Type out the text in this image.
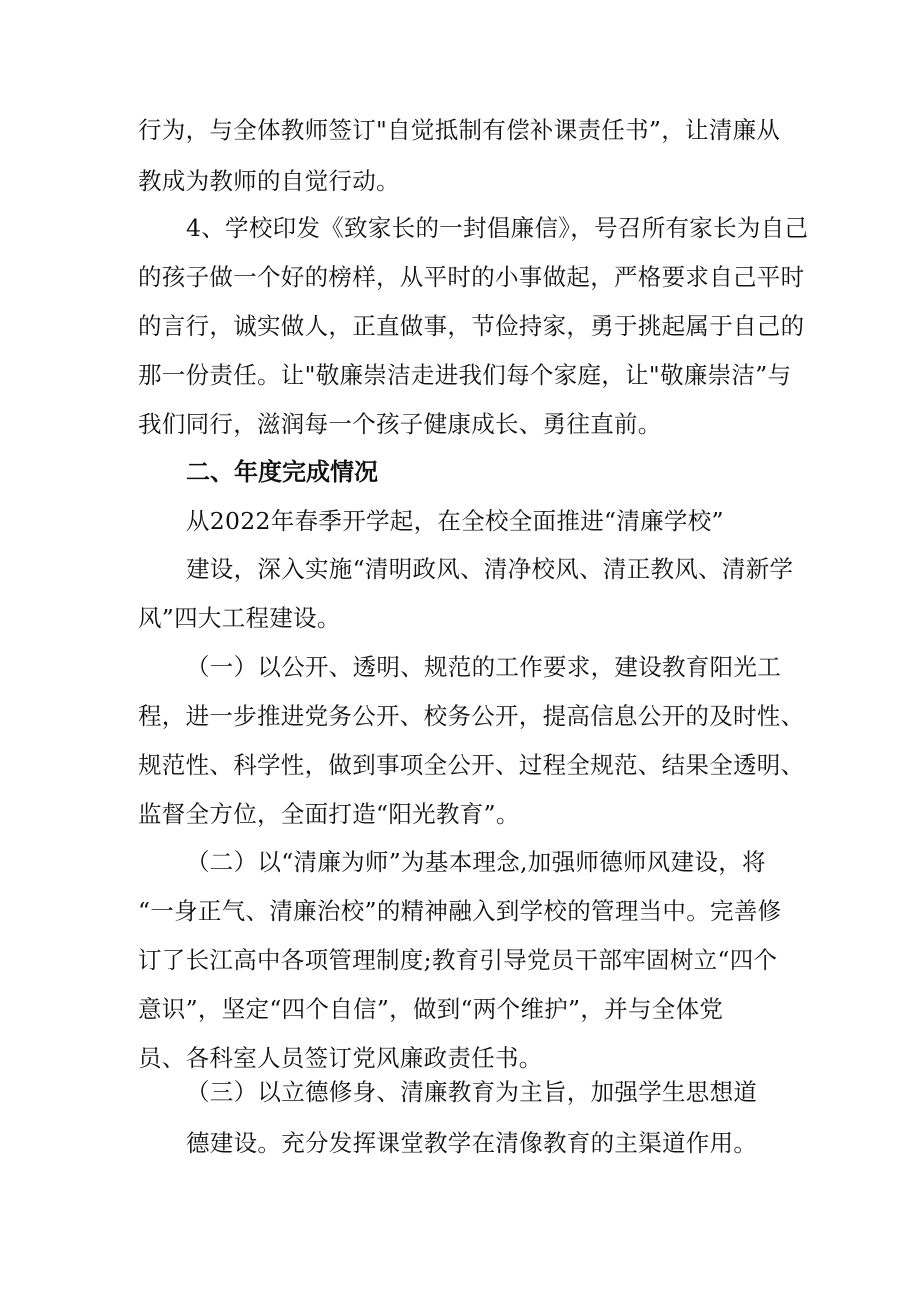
行为，与全体教师签订"自觉抵制有偿补课责任书”，让清廉从
教成为教师的自觉行动。
4、学校印发《致家长的一封倡廉信》，号召所有家长为自己
的孩子做一个好的榜样，从平时的小事做起，严格要求自己平时
的言行，诚实做人，正直做事，节俭持家，勇于挑起属于自己的
那一份责任。让"敬廉崇洁走进我们每个家庭，让"敬廉崇洁”与
我们同行，滋润每一个孩子健康成长、勇往直前。
二、年度完成情况
从2022年春季开学起，在全校全面推进“清廉学校”
建设，深入实施“清明政风、清净校风、清正教风、清新学
风”四大工程建设。
（一）以公开、透明、规范的工作要求，建设教育阳光工
程，进一步推进党务公开、校务公开，提高信息公开的及时性、
规范性、科学性，做到事项全公开、过程全规范、结果全透明、
监督全方位，全面打造“阳光教育”。
（二）以“清廉为师”为基本理念,加强师德师风建设，将
“一身正气、清廉治校”的精神融入到学校的管理当中。完善修
订了长江高中各项管理制度;教育引导党员干部牢固树立“四个
意识”，坚定“四个自信”，做到“两个维护”，并与全体党
员、各科室人员签订党风廉政责任书。
（三）以立德修身、清廉教育为主旨，加强学生思想道
德建设。充分发挥课堂教学在清像教育的主渠道作用。
